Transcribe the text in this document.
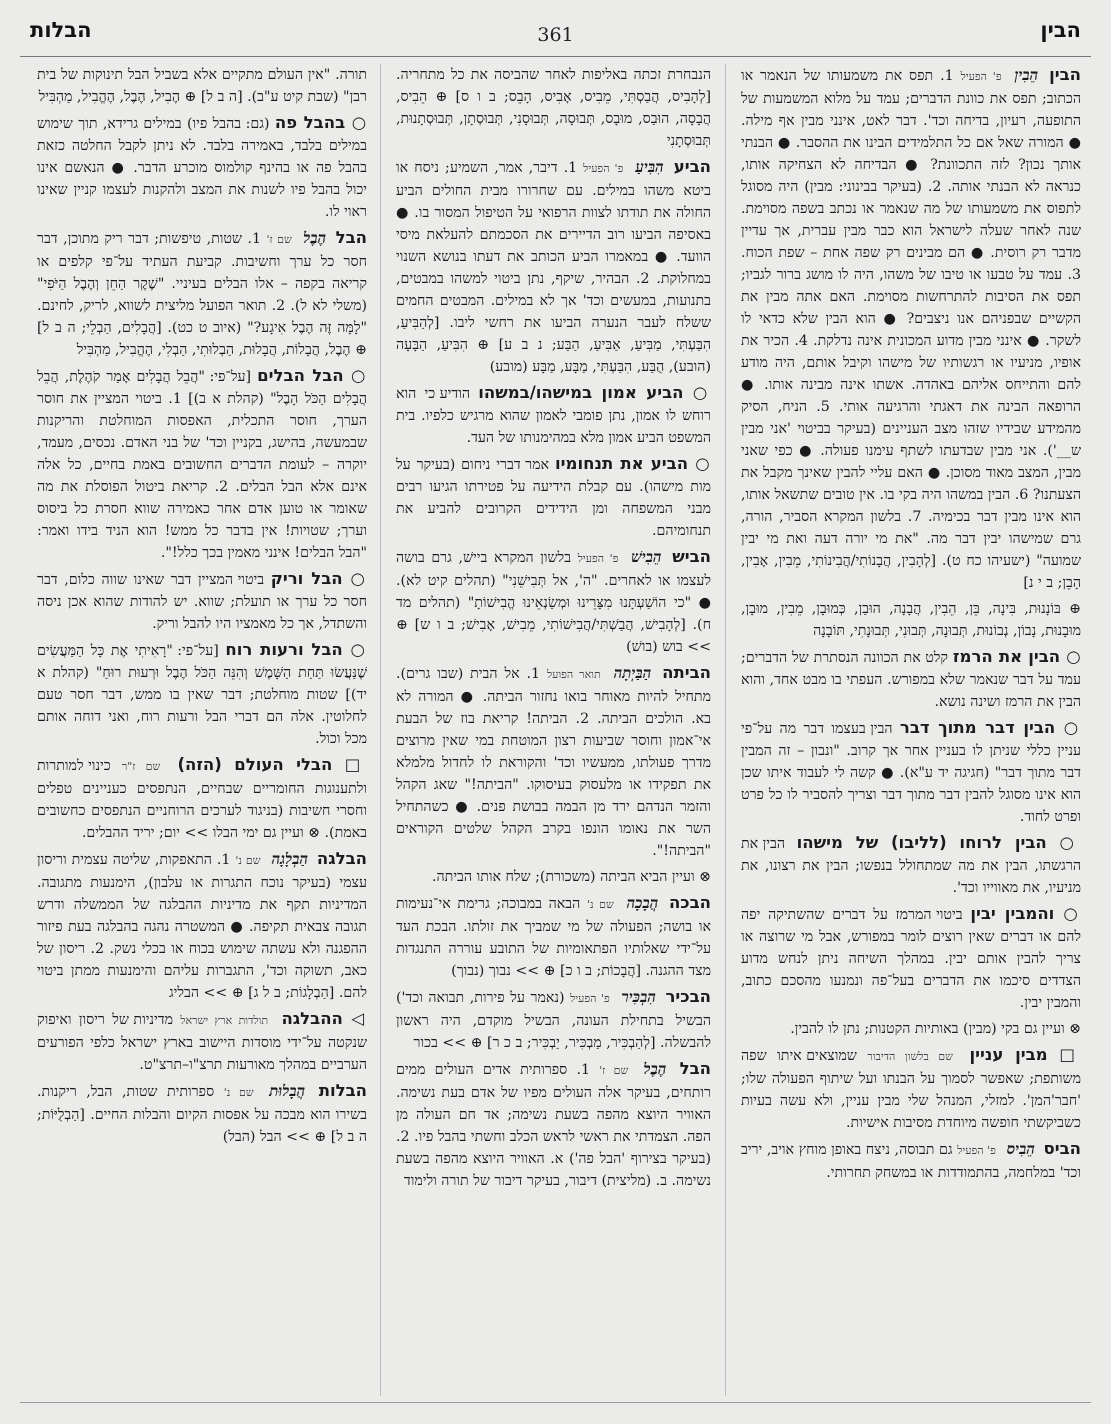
הבין
361
הבלות
הבין הֵבִין פ' הפעיל 1. תפס את משמעותו של הנאמר או הכתוב; תפס את כוונת הדברים; עמד על מלוא המשמעות של התופעה, רעיון, בדיחה וכד'. דבר לאט, אינני מבין אף מילה. ● המורה שאל אם כל התלמידים הבינו את ההסבר. ● הבנתי אותך נכון? לזה התכוונת? ● הבדיחה לא הצחיקה אותו, כנראה לא הבנתי אותה. 2. (בעיקר בבינוני: מבין) היה מסוגל לתפוס את משמעותו של מה שנאמר או נכתב בשפה מסוימת. שנה לאחר שעלה לישראל הוא כבר מבין עברית, אך עדיין מדבר רק רוסית. ● הם מבינים רק שפה אחת – שפת הכוח. 3. עמד על טבעו או טיבו של משהו, היה לו מושג ברור לגביו; תפס את הסיבות להתרחשות מסוימת. האם אתה מבין את הקשיים שבפניהם אנו ניצבים? ● הוא הבין שלא כדאי לו לשקר. ● אינני מבין מדוע המכונית אינה נדלקת. 4. הכיר את אופיו, מניעיו או רגשותיו של מישהו וקיבל אותם, היה מודע להם והתייחס אליהם באהדה. אשתו אינה מבינה אותו. ● הרופאה הבינה את דאגתי והרגיעה אותי. 5. הניח, הסיק מהמידע שבידיו שזהו מצב העניינים (בעיקר בביטוי 'אני מבין ש__'). אני מבין שבדעתו לשתף עימנו פעולה. ● כפי שאני מבין, המצב מאוד מסוכן. ● האם עליי להבין שאינך מקבל את הצעתנו? 6. הבין במשהו היה בקי בו. אין טובים שתשאל אותו, הוא אינו מבין דבר בכימיה. 7. בלשון המקרא הסביר, הורה, גרם שמישהו יבין דבר מה. "את מי יורה דעה ואת מי יבין שמועה" (ישעיהו כח ט). [לְהָבִין, הֲבָנוֹתִי/הֲבִינוֹתִי, מֵבִין, אָבִין, הָבֵן; ב י נ]
⊕ בּוֹנָנוּת, בִּינָה, בֵּן, הֵבִין, הֲבָנָה, הוּבַן, כְּמוּבָן, מֵבִין, מוּבָן, מוּבָנוּת, נָבוֹן, נְבוֹנוּת, תְּבוּנָה, תְּבוּנִי, תְּבוּנָתִי, תּוֹבָנָה
○ הבין את הרמז קלט את הכוונה הנסתרת של הדברים; עמד על דבר שנאמר שלא במפורש. העפתי בו מבט אחד, והוא הבין את הרמז ושינה נושא.
○ הבין דבר מתוך דבר הבין בעצמו דבר מה על־פי עניין כללי שניתן לו בעניין אחר אך קרוב. "ונבון – זה המבין דבר מתוך דבר" (חגיגה יד ע"א). ● קשה לי לעבוד איתו שכן הוא אינו מסוגל להבין דבר מתוך דבר וצריך להסביר לו כל פרט ופרט לחוד.
○ הבין לרוחו (לליבו) של מישהו הבין את הרגשתו, הבין את מה שמתחולל בנפשו; הבין את רצונו, את מניעיו, את מאווייו וכד'.
○ והמבין יבין ביטוי המרמז על דברים שהשתיקה יפה להם או דברים שאין רוצים לומר במפורש, אבל מי שרוצה או צריך להבין אותם יבין. במהלך השיחה ניתן לנחש מדוע הצדדים סיכמו את הדברים בעל־פה ונמנעו מהסכם כתוב, והמבין יבין.
⊗ ועיין גם בקי (מבין) באותיות הקטנות; נתן לו להבין.
□ מבין עניין שם בלשון הדיבור שמוצאים איתו שפה משותפת; שאפשר לסמוך על הבנתו ועל שיתוף הפעולה שלו; 'חבר'המן'. למזלי, המנהל שלי מבין עניין, ולא עשה בעיות כשביקשתי חופשה מיוחדת מסיבות אישיות.
הביס הֵבִיס פ' הפעיל גם תבוסה, ניצח באופן מוחץ אויב, יריב וכד' במלחמה, בהתמודדות או במשחק תחרותי.
הנבחרת זכתה באליפות לאחר שהביסה את כל מתחריה. [לְהָבִיס, הֲבַסְתִּי, מֵבִיס, אָבִיס, הָבֵס; ב ו ס] ⊕ הֵבִיס, הֲבָסָה, הוּבַס, מוּבָס, תְּבוּסָה, תְּבוּסָנִי, תְּבוּסְתָן, תְּבוּסְתָנוּת, תְּבוּסְתָנִי
הביע הִבִּיעַ פ' הפעיל 1. דיבר, אמר, השמיע; ניסח או ביטא משהו במילים. עם שחרורו מבית החולים הביע החולה את תודתו לצוות הרפואי על הטיפול המסור בו. ● באסיפה הביעו רוב הדיירים את הסכמתם להעלאת מיסי הוועד. ● במאמרו הביע הכותב את דעתו בנושא השנוי במחלוקת. 2. הבהיר, שיקף, נתן ביטוי למשהו במבטים, בתנועות, במעשים וכד' אך לא במילים. המבטים החמים ששלח לעבר הנערה הביעו את רחשי ליבו. [לְהַבִּיעַ, הִבַּעְתִּי, מַבִּיעַ, אַבִּיעַ, הַבַּע; נ ב ע] ⊕ הִבִּיעַ, הַבָּעָה (הובע), הֻבַּע, הִבַּעְתִּי, מַבָּע, מַבָּע (מובע)
○ הביע אמון במישהו/במשהו הודיע כי הוא רוחש לו אמון, נתן פומבי לאמון שהוא מרגיש כלפיו. בית המשפט הביע אמון מלא במהימנותו של העד.
○ הביע את תנחומיו אמר דברי ניחום (בעיקר על מות מישהו). עם קבלת הידיעה על פטירתו הגיעו רבים מבני המשפחה ומן הידידים הקרובים להביע את תנחומיהם.
הביש הֵבִישׁ פ' הפעיל בלשון המקרא ביישׁ, גרם בושה לעצמו או לאחרים. "ה', אל תְּבִישֵׁנִי" (תהלים קיט לא). ● "כי הוֹשַׁעְתָּנוּ מִצָּרֵינוּ וּמְשַׂנְאֵינוּ הֱבִישׁוֹתָ" (תהלים מד ח). [לְהָבִישׁ, הֲבַשְׁתִּי/הֲבִישׁוֹתִי, מֵבִישׁ, אָבִישׁ; ב ו ש] ⊕ >> בוש (בושׁ)
הביתה הַבַּיְתָה תואר הפועל 1. אל הבית (שבו גרים). מתחיל להיות מאוחר בואו נחזור הביתה. ● המורה לא בא. הולכים הביתה. 2. הביתה! קריאת בוז של הבעת אי־אמון וחוסר שביעות רצון המוטחת במי שאין מרוצים מדרך פעולתו, ממעשיו וכד' והקוראת לו לחדול מלמלא את תפקידו או מלעסוק בעיסוקו. "הביתה!" שאג הקהל והזמר הנדהם ירד מן הבמה בבושת פנים. ● כשהתחיל השר את נאומו הונפו בקרב הקהל שלטים הקוראים "הביתה!".
⊗ ועיין הביא הביתה (משכורת); שלח אותו הביתה.
הבכה הֲבָכָה שם נ' הבאה במבוכה; גרימת אי־נעימות או בושה; הפעולה של מי שמביך את זולתו. הבכת העד על־ידי שאלותיו הפתאומיות של התובע עוררה התנגדות מצד ההגנה. [הֲבָכוֹת; ב ו כ] ⊕ >> נבוך (נבוך)
הבכיר הִבְכִּיר פ' הפעיל (נאמר על פירות, תבואה וכד') הבשיל בתחילת העונה, הבשיל מוקדם, היה ראשון להבשלה. [לְהַבְכִּיר, מַבְכִּיר, יַבְכִּיר; ב כ ר] ⊕ >> בכור
הבל הֶבֶל שם ז' 1. ספרותית אדים העולים ממים רותחים, בעיקר אלה העולים מפיו של אדם בעת נשימה. האוויר היוצא מהפה בשעת נשימה; אד חם העולה מן הפה. הצמדתי את ראשי לראש הכלב וחשתי בהבל פיו. 2. (בעיקר בצירוף 'הבל פה') א. האוויר היוצא מהפה בשעת נשימה. ב. (מליצית) דיבור, בעיקר דיבור של תורה ולימוד
תורה. "אין העולם מתקיים אלא בשביל הבל תינוקות של בית רבן" (שבת קיט ע"ב). [ה ב ל] ⊕ הֶבִיל, הֶבֶל, הֶהֱבִיל, מַהְבִּיל
○ בהבל פה (גם: בהבל פיו) במילים גרידא, תוך שימוש במילים בלבד, באמירה בלבד. לא ניתן לקבל החלטה כזאת בהבל פה או בהינף קולמוס מוכרע הדבר. ● הנאשם אינו יכול בהבל פיו לשנות את המצב ולהקנות לעצמו קניין שאינו ראוי לו.
הבל הֶבֶל שם ז' 1. שטות, טיפשות; דבר ריק מתוכן, דבר חסר כל ערך וחשיבות. קביעת העתיד על־פי קלפים או קריאה בקפה – אלו הבלים בעיניי. "שֶׁקֶר הַחֵן וְהֶבֶל הַיֹּפִי" (משלי לא ל). 2. תואר הפועל מליצית לשווא, לריק, לחינם. "לָמָּה זֶּה הֶבֶל אִיגָע?" (איוב ט כט). [הֲבָלִים, הַבְלֵי; ה ב ל] ⊕ הֶבֶל, הֲבָלוֹת, הֲבָלוּת, הַבְלוּתִי, הַבְלִי, הֶהֱבִיל, מַהְבִּיל
○ הבל הבלים [על־פי: "הֲבֵל הֲבָלִים אָמַר קֹהֶלֶת, הֲבֵל הֲבָלִים הַכֹּל הָבֶל" (קהלת א ב)] 1. ביטוי המציין את חוסר הערך, חוסר התכלית, האפסות המוחלטת והריקנות שבמעשה, בהישג, בקניין וכד' של בני האדם. נכסים, מעמד, יוקרה – לעומת הדברים החשובים באמת בחיים, כל אלה אינם אלא הבל הבלים. 2. קריאת ביטול הפוסלת את מה שאומר או טוען אדם אחר כאמירה שווא חסרת כל ביסוס וערך; שטויות! אין בדבר כל ממש! הוא הניד בידו ואמר: "הבל הבלים! אינני מאמין בכך כלל!".
○ הבל וריק ביטוי המציין דבר שאינו שווה כלום, דבר חסר כל ערך או תועלת; שווא. יש להודות שהוא אכן ניסה והשתדל, אך כל מאמציו היו להבל וריק.
○ הבל ורעות רוח [על־פי: "רָאִיתִי אֶת כָּל הַמַּעֲשִׂים שֶׁנַּעֲשׂוּ תַּחַת הַשָּׁמֶשׁ וְהִנֵּה הַכֹּל הֶבֶל וּרְעוּת רוּחַ" (קהלת א יד)] שטות מוחלטת; דבר שאין בו ממש, דבר חסר טעם לחלוטין. אלה הם דברי הבל ורעות רוח, ואני דוחה אותם מכל וכול.
□ הבלי העולם (הזה) שם ז"ר כינוי למותרות ולתענוגות החומריים שבחיים, הנתפסים כעניינים טפלים וחסרי חשיבות (בניגוד לערכים הרוחניים הנתפסים כחשובים באמת). ⊗ ועיין גם ימי הבלו >> יום; יריד ההבלים.
הבלגה הַבְלָגָה שם נ' 1. התאפקות, שליטה עצמית וריסון עצמי (בעיקר נוכח התגרות או עלבון), הימנעות מתגובה. המדיניות תקף את מדיניות ההבלגה של הממשלה ודרש תגובה צבאית תקיפה. ● המשטרה נהגה בהבלגה בעת פיזור ההפגנה ולא עשתה שימוש בכוח או בכלי נשק. 2. ריסון של כאב, תשוקה וכד', התגברות עליהם והימנעות ממתן ביטוי להם. [הַבְלָגוֹת; ב ל ג] ⊕ >> הבליג
◁ ההבלגה תולדות ארץ ישראל מדיניות של ריסון ואיפוק שנקטה על־ידי מוסדות היישוב בארץ ישראל כלפי הפורעים הערביים במהלך מאורעות תרצ"ו–תרצ"ט.
הבלות הֲבָלוּת שם נ' ספרותית שטות, הבל, ריקנות. בשירו הוא מבכה על אפסות הקיום והבלות החיים. [הַבְלֻיּוֹת; ה ב ל] ⊕ >> הבל (הבל)
